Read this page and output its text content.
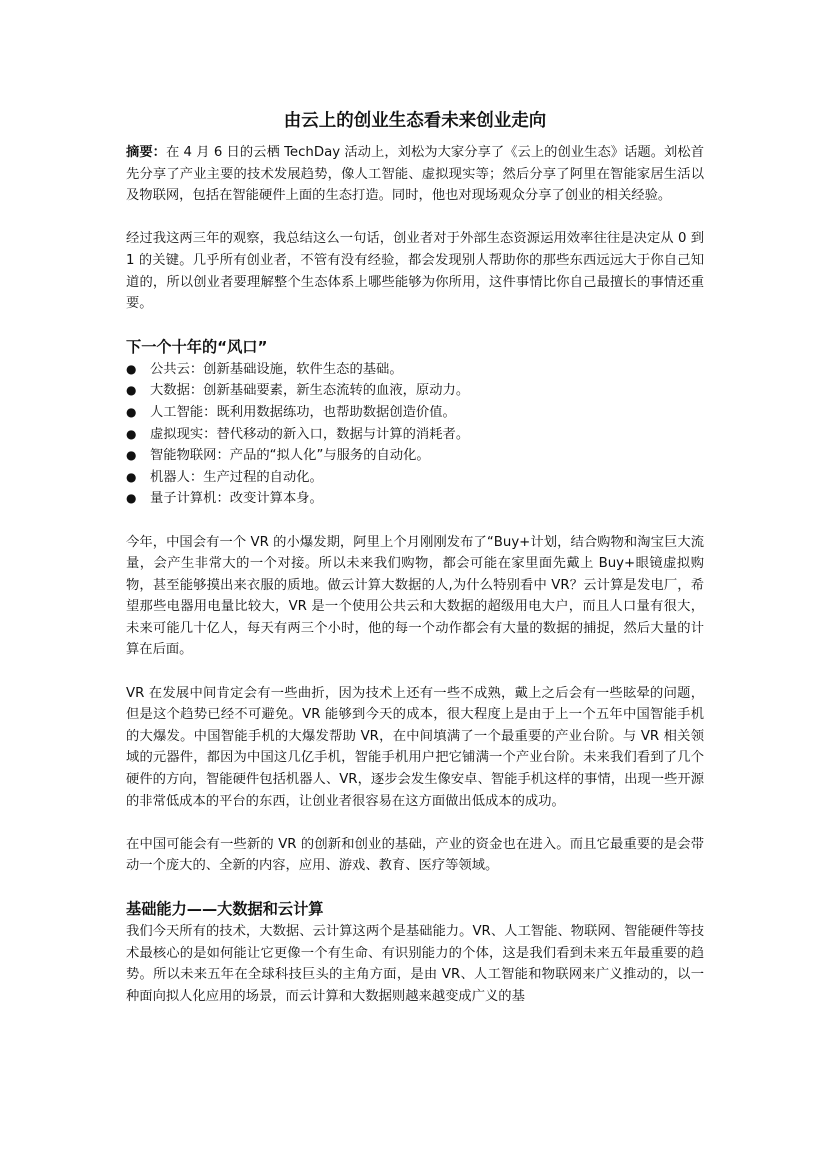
由云上的创业生态看未来创业走向

摘要：在 4 月 6 日的云栖 TechDay 活动上，刘松为大家分享了《云上的创业生态》话题。刘松首先分享了产业主要的技术发展趋势，像人工智能、虚拟现实等；然后分享了阿里在智能家居生活以及物联网，包括在智能硬件上面的生态打造。同时，他也对现场观众分享了创业的相关经验。

经过我这两三年的观察，我总结这么一句话，创业者对于外部生态资源运用效率往往是决定从 0 到 1 的关键。几乎所有创业者，不管有没有经验，都会发现别人帮助你的那些东西远远大于你自己知道的，所以创业者要理解整个生态体系上哪些能够为你所用，这件事情比你自己最擅长的事情还重要。

下一个十年的“风口”
● 公共云：创新基础设施，软件生态的基础。
● 大数据：创新基础要素，新生态流转的血液，原动力。
● 人工智能：既利用数据练功，也帮助数据创造价值。
● 虚拟现实：替代移动的新入口，数据与计算的消耗者。
● 智能物联网：产品的“拟人化”与服务的自动化。
● 机器人：生产过程的自动化。
● 量子计算机：改变计算本身。

今年，中国会有一个 VR 的小爆发期，阿里上个月刚刚发布了“Buy+计划，结合购物和淘宝巨大流量，会产生非常大的一个对接。所以未来我们购物，都会可能在家里面先戴上 Buy+眼镜虚拟购物，甚至能够摸出来衣服的质地。做云计算大数据的人,为什么特别看中 VR？云计算是发电厂，希望那些电器用电量比较大，VR 是一个使用公共云和大数据的超级用电大户，而且人口量有很大，未来可能几十亿人，每天有两三个小时，他的每一个动作都会有大量的数据的捕捉，然后大量的计算在后面。

VR 在发展中间肯定会有一些曲折，因为技术上还有一些不成熟，戴上之后会有一些眩晕的问题，但是这个趋势已经不可避免。VR 能够到今天的成本，很大程度上是由于上一个五年中国智能手机的大爆发。中国智能手机的大爆发帮助 VR，在中间填满了一个最重要的产业台阶。与 VR 相关领域的元器件，都因为中国这几亿手机，智能手机用户把它铺满一个产业台阶。未来我们看到了几个硬件的方向，智能硬件包括机器人、VR，逐步会发生像安卓、智能手机这样的事情，出现一些开源的非常低成本的平台的东西，让创业者很容易在这方面做出低成本的成功。

在中国可能会有一些新的 VR 的创新和创业的基础，产业的资金也在进入。而且它最重要的是会带动一个庞大的、全新的内容，应用、游戏、教育、医疗等领域。

基础能力——大数据和云计算

我们今天所有的技术，大数据、云计算这两个是基础能力。VR、人工智能、物联网、智能硬件等技术最核心的是如何能让它更像一个有生命、有识别能力的个体，这是我们看到未来五年最重要的趋势。所以未来五年在全球科技巨头的主角方面，是由 VR、人工智能和物联网来广义推动的，以一种面向拟人化应用的场景，而云计算和大数据则越来越变成广义的基
